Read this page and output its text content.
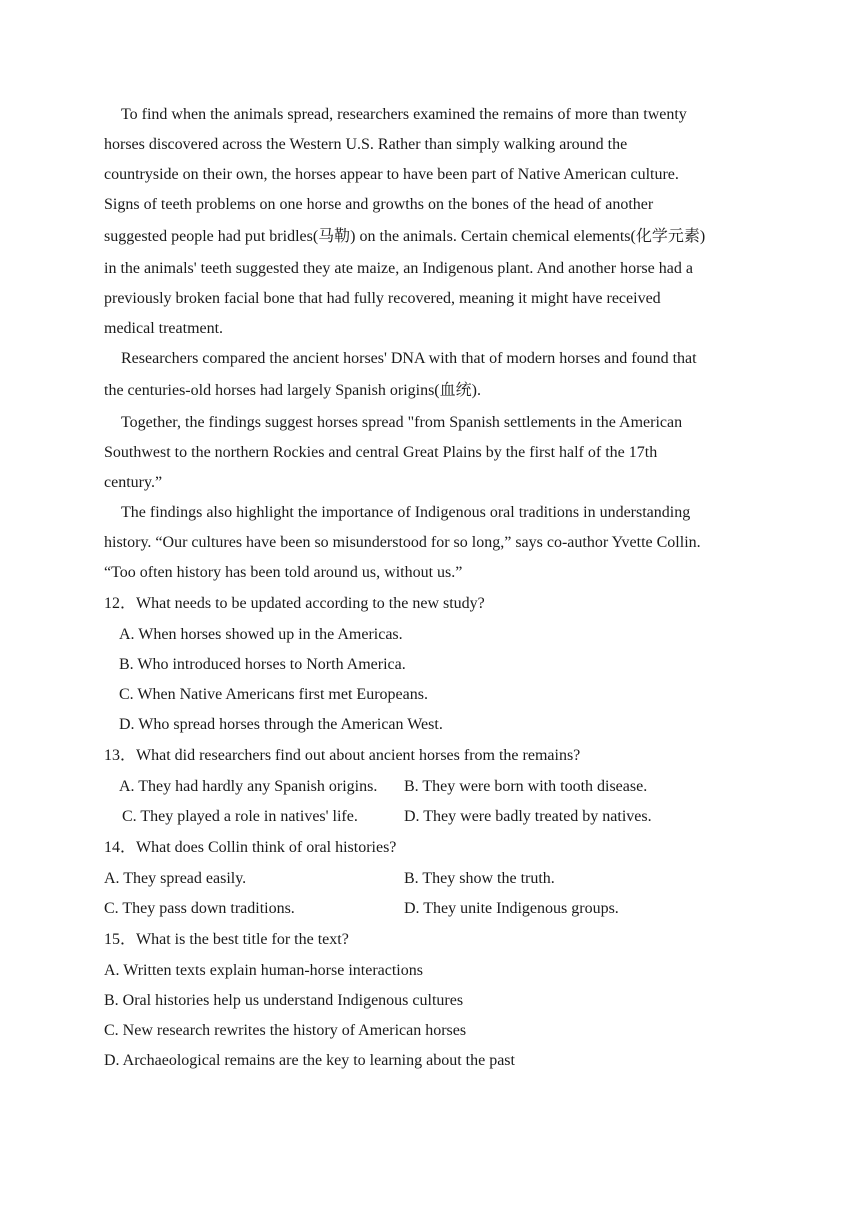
To find when the animals spread, researchers examined the remains of more than twenty
horses discovered across the Western U.S. Rather than simply walking around the
countryside on their own, the horses appear to have been part of Native American culture.
Signs of teeth problems on one horse and growths on the bones of the head of another
suggested people had put bridles(马勒) on the animals. Certain chemical elements(化学元素)
in the animals' teeth suggested they ate maize, an Indigenous plant. And another horse had a
previously broken facial bone that had fully recovered, meaning it might have received
medical treatment.

Researchers compared the ancient horses' DNA with that of modern horses and found that
the centuries-old horses had largely Spanish origins(血统).

Together, the findings suggest horses spread "from Spanish settlements in the American
Southwest to the northern Rockies and central Great Plains by the first half of the 17th
century.”

The findings also highlight the importance of Indigenous oral traditions in understanding
history. “Our cultures have been so misunderstood for so long,” says co-author Yvette Collin.
“Too often history has been told around us, without us.”

12．What needs to be updated according to the new study?

A. When horses showed up in the Americas.

B. Who introduced horses to North America.

C. When Native Americans first met Europeans.

D. Who spread horses through the American West.

13．What did researchers find out about ancient horses from the remains?

A. They had hardly any Spanish origins.	B. They were born with tooth disease.
C. They played a role in natives' life.	D. They were badly treated by natives.

14．What does Collin think of oral histories?

A. They spread easily.	B. They show the truth.
C. They pass down traditions.	D. They unite Indigenous groups.

15．What is the best title for the text?

A. Written texts explain human-horse interactions

B. Oral histories help us understand Indigenous cultures

C. New research rewrites the history of American horses

D. Archaeological remains are the key to learning about the past
